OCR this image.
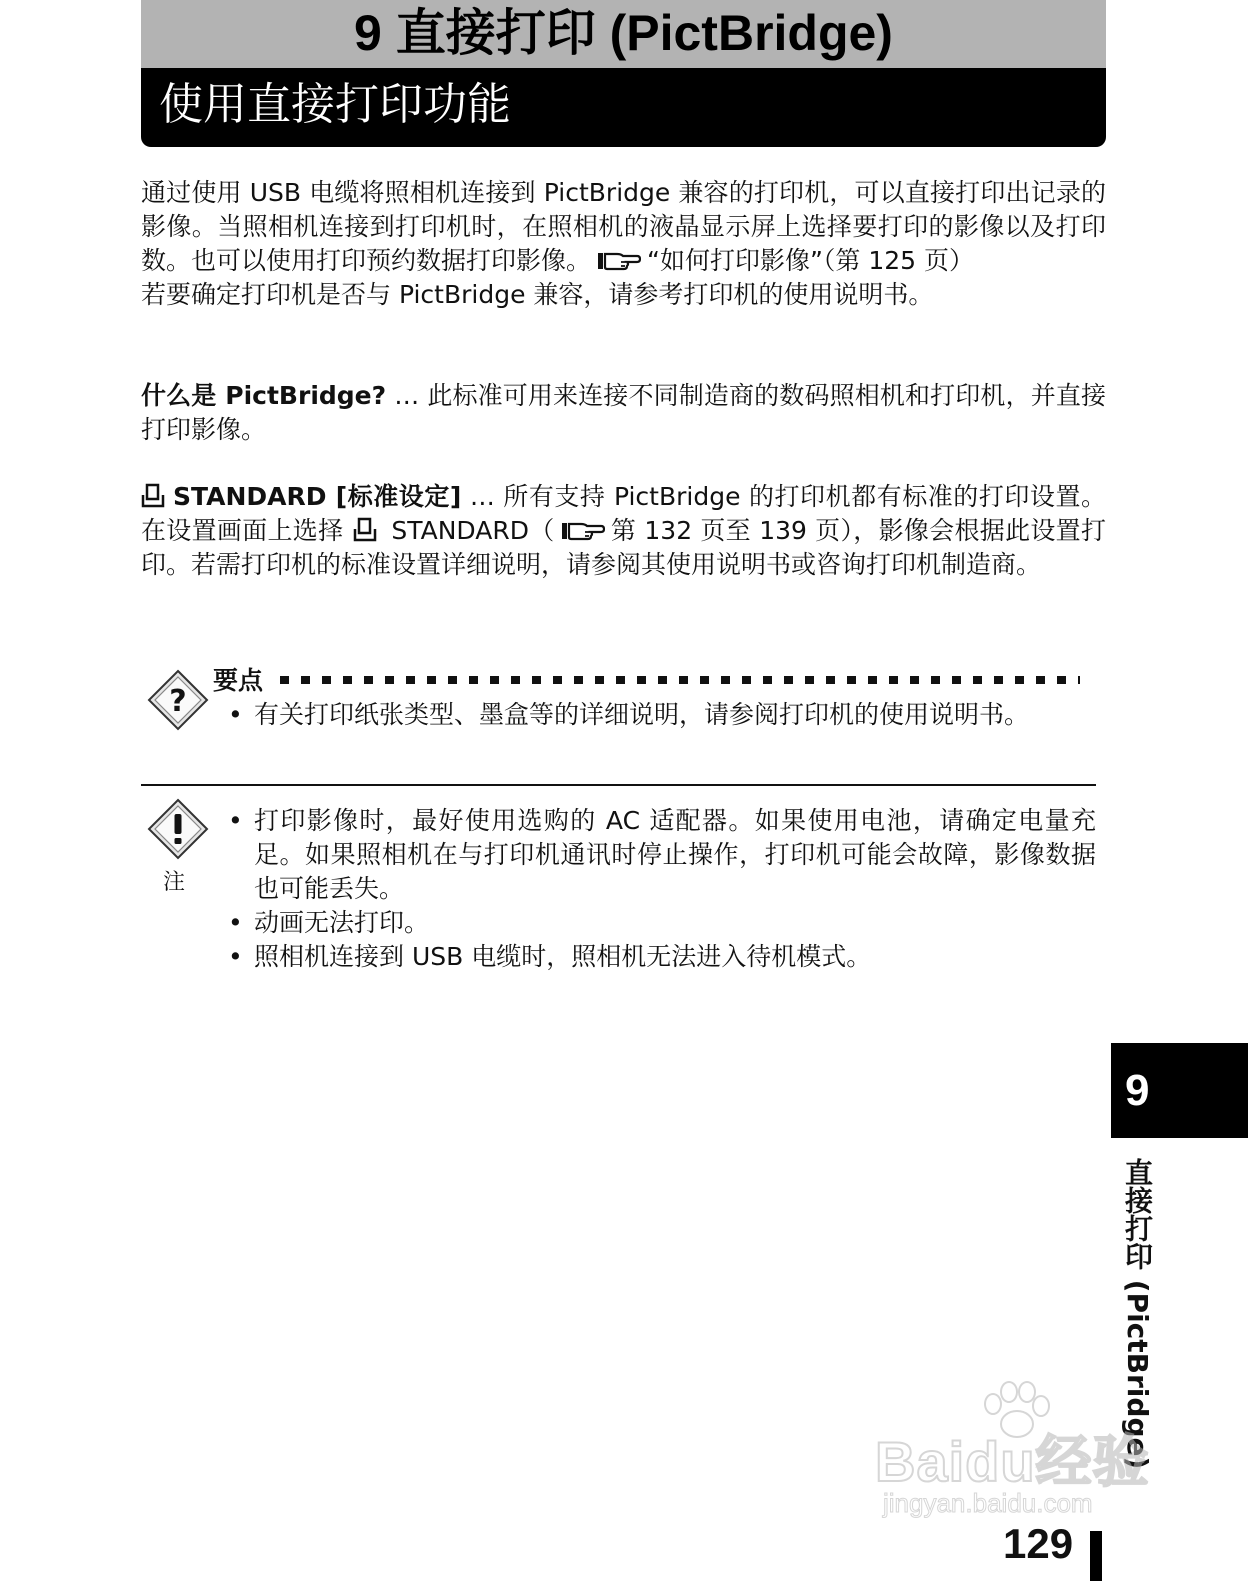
9 直接打印 (PictBridge)
使用直接打印功能

通过使用 USB 电缆将照相机连接到 PictBridge 兼容的打印机，可以直接打印出记录的影像。当照相机连接到打印机时，在照相机的液晶显示屏上选择要打印的影像以及打印数。也可以使用打印预约数据打印影像。 “如何打印影像”（第 125 页）

若要确定打印机是否与 PictBridge 兼容，请参考打印机的使用说明书。

什么是 PictBridge? … 此标准可用来连接不同制造商的数码照相机和打印机，并直接打印影像。

STANDARD [标准设定] … 所有支持 PictBridge 的打印机都有标准的打印设置。在设置画面上选择 STANDARD（ 第 132 页至 139 页），影像会根据此设置打印。若需打印机的标准设置详细说明，请参阅其使用说明书或咨询打印机制造商。

?
要点
• 有关打印纸张类型、墨盒等的详细说明，请参阅打印机的使用说明书。
注
• 打印影像时，最好使用选购的 AC 适配器。如果使用电池，请确定电量充足。如果照相机在与打印机通讯时停止操作，打印机可能会故障，影像数据也可能丢失。
• 动画无法打印。
• 照相机连接到 USB 电缆时，照相机无法进入待机模式。
9
直接打印 (PictBridge)
Baidu经验
jingyan.baidu.com
129
